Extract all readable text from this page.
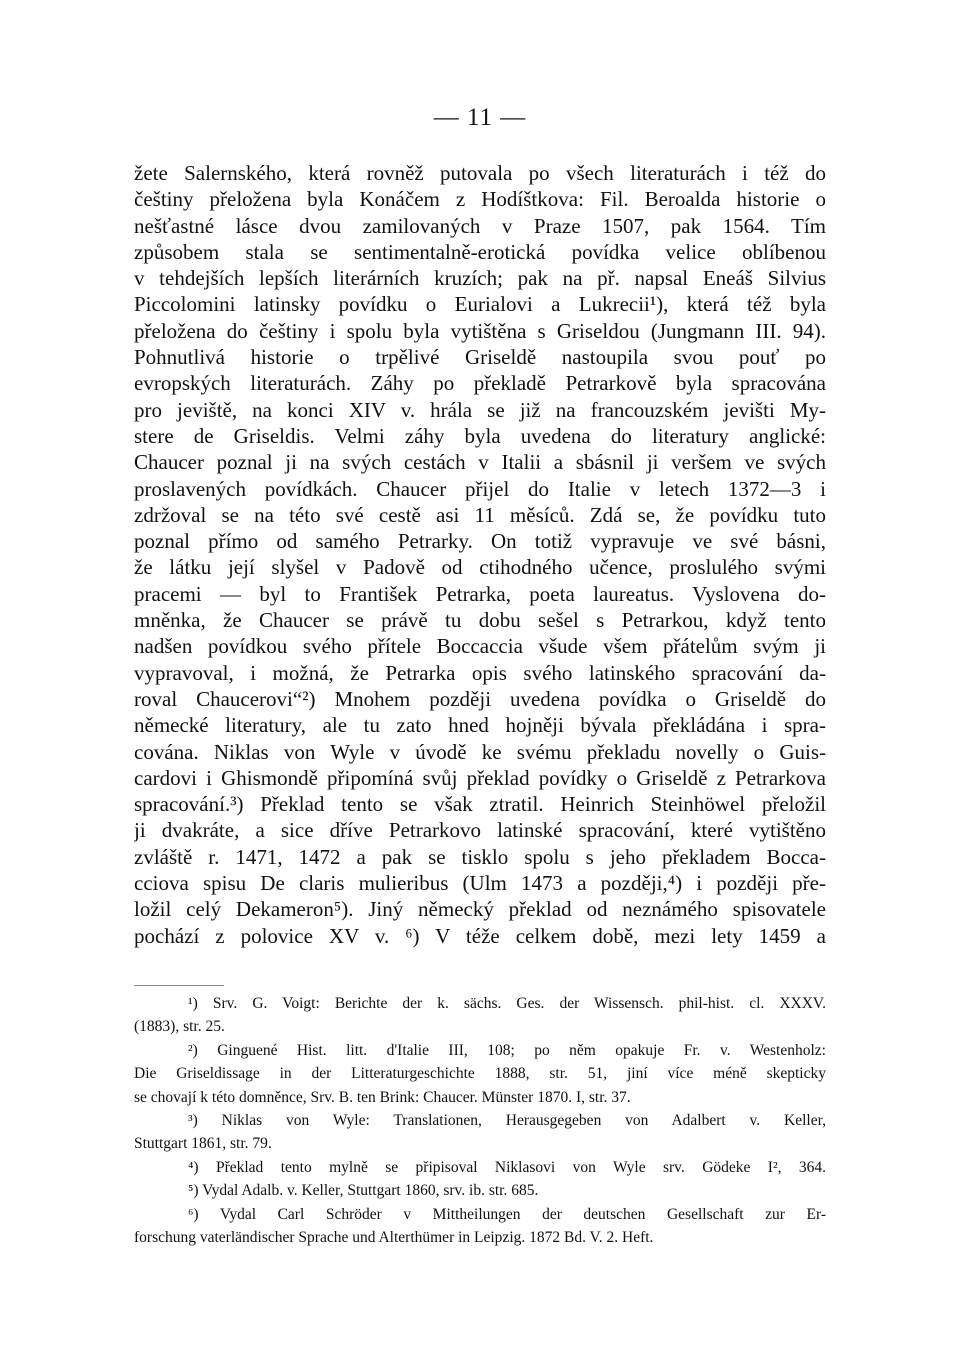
— 11 —
žete Salernského, která rovněž putovala po všech literaturách i též do
češtiny přeložena byla Konáčem z Hodíštkova: Fil. Beroalda historie o
nešťastné lásce dvou zamilovaných v Praze 1507, pak 1564. Tím
způsobem stala se sentimentalně-erotická povídka velice oblíbenou
v tehdejších lepších literárních kruzích; pak na př. napsal Eneáš Silvius
Piccolomini latinsky povídku o Eurialovi a Lukrecii¹), která též byla
přeložena do češtiny i spolu byla vytištěna s Griseldou (Jungmann III. 94).
Pohnutlivá historie o trpělivé Griseldě nastoupila svou pouť po
evropských literaturách. Záhy po překladě Petrarkově byla spracována
pro jeviště, na konci XIV v. hrála se již na francouzském jevišti My-
stere de Griseldis. Velmi záhy byla uvedena do literatury anglické:
Chaucer poznal ji na svých cestách v Italii a sbásnil ji veršem ve svých
proslavených povídkách. Chaucer přijel do Italie v letech 1372—3 i
zdržoval se na této své cestě asi 11 měsíců. Zdá se, že povídku tuto
poznal přímo od samého Petrarky. On totiž vypravuje ve své básni,
že látku její slyšel v Padově od ctihodného učence, proslulého svými
pracemi — byl to František Petrarka, poeta laureatus. Vyslovena do-
mněnka, že Chaucer se právě tu dobu sešel s Petrarkou, když tento
nadšen povídkou svého přítele Boccaccia všude všem přátelům svým ji
vypravoval, i možná, že Petrarka opis svého latinského spracování da-
roval Chaucerovi“²) Mnohem později uvedena povídka o Griseldě do
německé literatury, ale tu zato hned hojněji bývala překládána i spra-
cována. Niklas von Wyle v úvodě ke svému překladu novelly o Guis-
cardovi i Ghismondě připomíná svůj překlad povídky o Griseldě z Petrarkova
spracování.³) Překlad tento se však ztratil. Heinrich Steinhöwel přeložil
ji dvakráte, a sice dříve Petrarkovo latinské spracování, které vytištěno
zvláště r. 1471, 1472 a pak se tisklo spolu s jeho překladem Bocca-
cciova spisu De claris mulieribus (Ulm 1473 a později,⁴) i později pře-
ložil celý Dekameron⁵). Jiný německý překlad od neznámého spisovatele
pochází z polovice XV v. ⁶) V téže celkem době, mezi lety 1459 a
¹) Srv. G. Voigt: Berichte der k. sächs. Ges. der Wissensch. phil-hist. cl. XXXV.
(1883), str. 25.
²) Ginguené Hist. litt. d'Italie III, 108; po něm opakuje Fr. v. Westenholz:
Die Griseldissage in der Litteraturgeschichte 1888, str. 51, jiní více méně skepticky
se chovají k této domněnce, Srv. B. ten Brink: Chaucer. Münster 1870. I, str. 37.
³) Niklas von Wyle: Translationen, Herausgegeben von Adalbert v. Keller,
Stuttgart 1861, str. 79.
⁴) Překlad tento mylně se připisoval Niklasovi von Wyle srv. Gödeke I², 364.
⁵) Vydal Adalb. v. Keller, Stuttgart 1860, srv. ib. str. 685.
⁶) Vydal Carl Schröder v Mittheilungen der deutschen Gesellschaft zur Er-
forschung vaterländischer Sprache und Alterthümer in Leipzig. 1872 Bd. V. 2. Heft.
